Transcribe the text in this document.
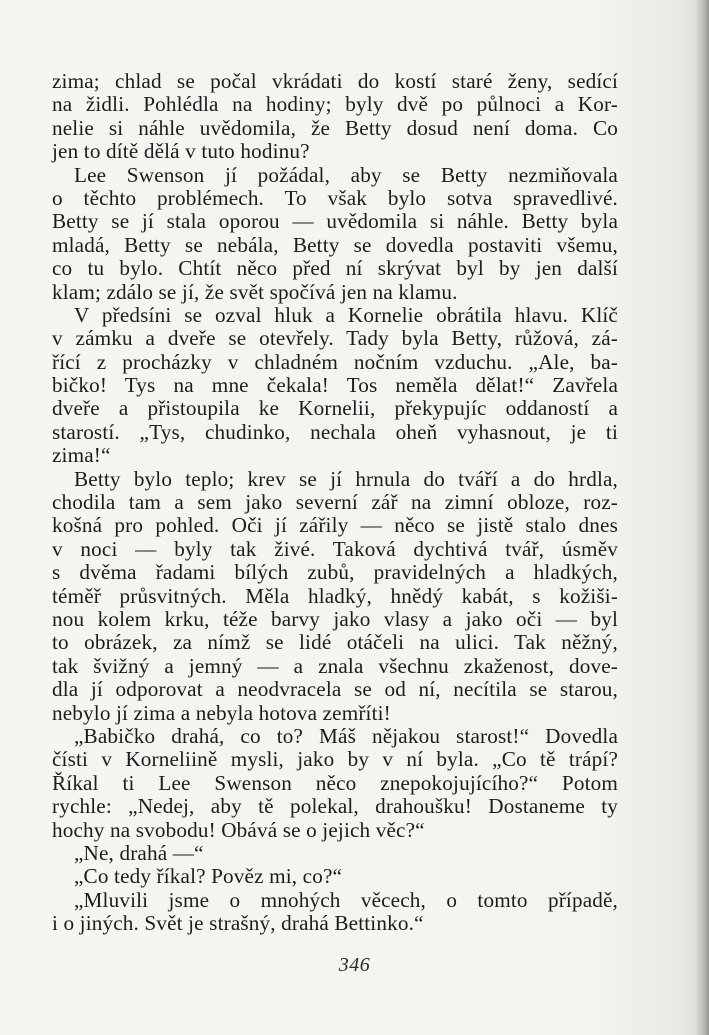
zima; chlad se počal vkrádati do kostí staré ženy, sedící
na židli. Pohlédla na hodiny; byly dvě po půlnoci a Kor-
nelie si náhle uvědomila, že Betty dosud není doma. Co
jen to dítě dělá v tuto hodinu?
Lee Swenson jí požádal, aby se Betty nezmiňovala
o těchto problémech. To však bylo sotva spravedlivé.
Betty se jí stala oporou — uvědomila si náhle. Betty byla
mladá, Betty se nebála, Betty se dovedla postaviti všemu,
co tu bylo. Chtít něco před ní skrývat byl by jen další
klam; zdálo se jí, že svět spočívá jen na klamu.
V předsíni se ozval hluk a Kornelie obrátila hlavu. Klíč
v zámku a dveře se otevřely. Tady byla Betty, růžová, zá-
řící z procházky v chladném nočním vzduchu. „Ale, ba-
bičko! Tys na mne čekala! Tos neměla dělat!“ Zavřela
dveře a přistoupila ke Kornelii, překypujíc oddaností a
starostí. „Tys, chudinko, nechala oheň vyhasnout, je ti
zima!“
Betty bylo teplo; krev se jí hrnula do tváří a do hrdla,
chodila tam a sem jako severní zář na zimní obloze, roz-
košná pro pohled. Oči jí zářily — něco se jistě stalo dnes
v noci — byly tak živé. Taková dychtivá tvář, úsměv
s dvěma řadami bílých zubů, pravidelných a hladkých,
téměř průsvitných. Měla hladký, hnědý kabát, s kožiši-
nou kolem krku, téže barvy jako vlasy a jako oči — byl
to obrázek, za nímž se lidé otáčeli na ulici. Tak něžný,
tak švižný a jemný — a znala všechnu zkaženost, dove-
dla jí odporovat a neodvracela se od ní, necítila se starou,
nebylo jí zima a nebyla hotova zemříti!
„Babičko drahá, co to? Máš nějakou starost!“ Dovedla
čísti v Korneliině mysli, jako by v ní byla. „Co tě trápí?
Říkal ti Lee Swenson něco znepokojujícího?“ Potom
rychle: „Nedej, aby tě polekal, drahoušku! Dostaneme ty
hochy na svobodu! Obává se o jejich věc?“
„Ne, drahá —“
„Co tedy říkal? Pověz mi, co?“
„Mluvili jsme o mnohých věcech, o tomto případě,
i o jiných. Svět je strašný, drahá Bettinko.“
346
